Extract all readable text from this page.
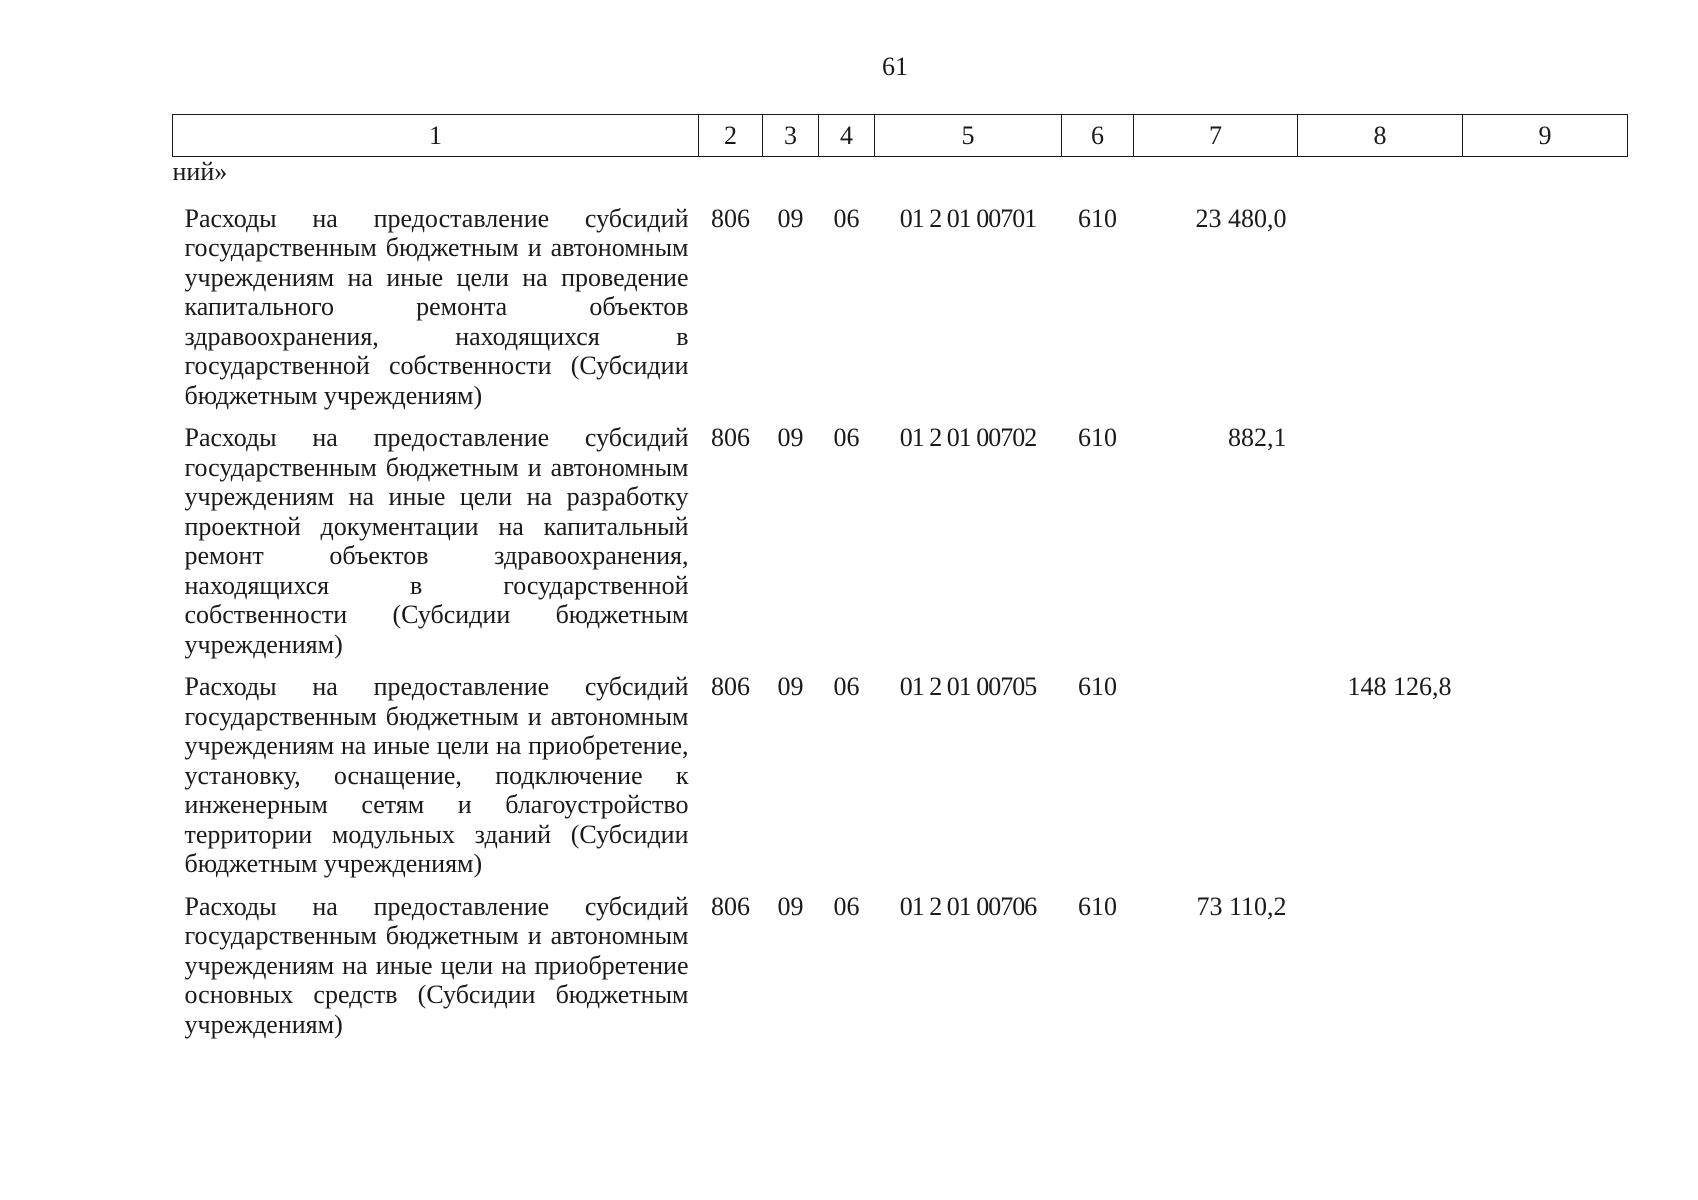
61
1	2	3	4	5	6	7	8	9
ний»								
Расходы на предоставление субсидий государственным бюджетным и автономным учреждениям на иные цели на проведение капитального ремонта объектов здравоохранения, находящихся в государственной собственности (Субсидии бюджетным учреждениям)	806	09	06	01 2 01 00701	610	23 480,0		
Расходы на предоставление субсидий государственным бюджетным и автономным учреждениям на иные цели на разработку проектной документации на капитальный ремонт объектов здравоохранения, находящихся в государственной собственности (Субсидии бюджетным учреждениям)	806	09	06	01 2 01 00702	610	882,1		
Расходы на предоставление субсидий государственным бюджетным и автономным учреждениям на иные цели на приобретение, установку, оснащение, подключение к инженерным сетям и благоустройство территории модульных зданий (Субсидии бюджетным учреждениям)	806	09	06	01 2 01 00705	610		148 126,8	
Расходы на предоставление субсидий государственным бюджетным и автономным учреждениям на иные цели на приобретение основных средств (Субсидии бюджетным учреждениям)	806	09	06	01 2 01 00706	610	73 110,2		
